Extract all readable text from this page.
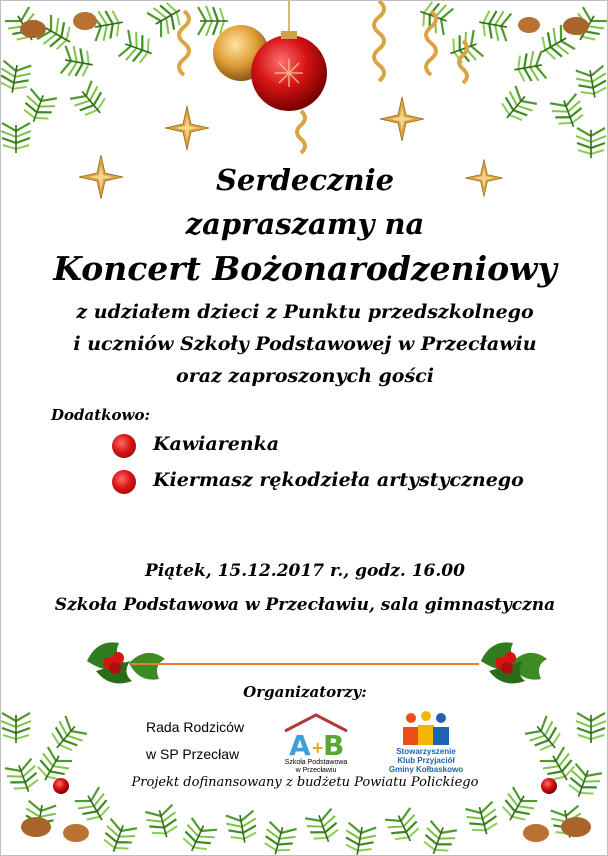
Serdecznie
zapraszamy na
Koncert Bożonarodzeniowy
z udziałem dzieci z Punktu przedszkolnego
i uczniów Szkoły Podstawowej w Przecławiu
oraz zaproszonych gości
Dodatkowo:
Kawiarenka
Kiermasz rękodzieła artystycznego
Piątek, 15.12.2017 r., godz. 16.00
Szkoła Podstawowa w Przecławiu, sala gimnastyczna
Organizatorzy:
Rada Rodziców
w SP Przecław A +
B
Szkoła Podstawowa
w Przecławiu
Stowarzyszenie
Klub Przyjaciół
Gminy Kołbaskowo
Projekt dofinansowany z budżetu Powiatu Polickiego
